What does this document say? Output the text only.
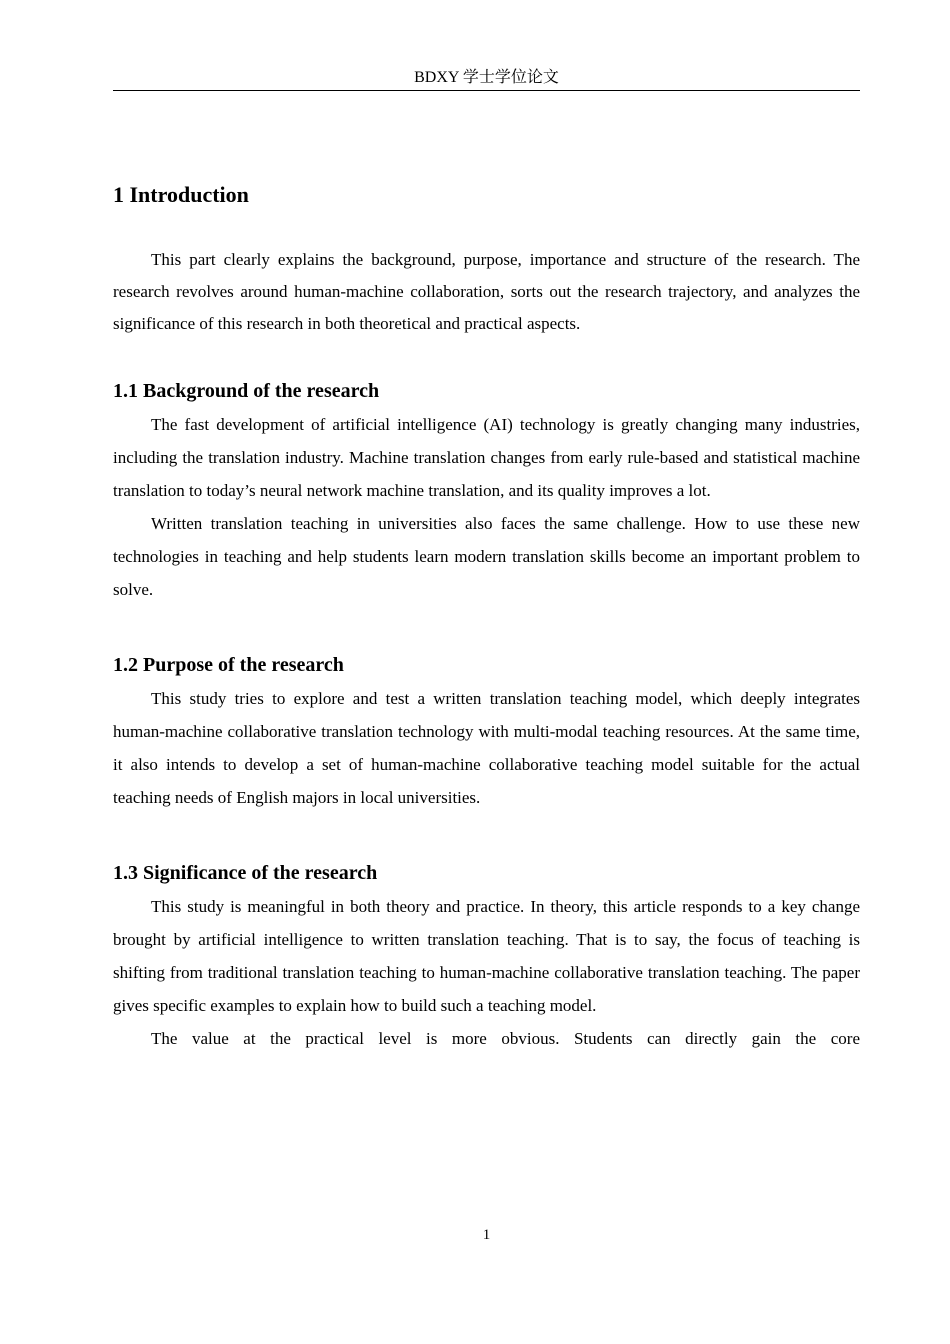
BDXY 学士学位论文
1 Introduction

This part clearly explains the background, purpose, importance and structure of the research. The research revolves around human-machine collaboration, sorts out the research trajectory, and analyzes the significance of this research in both theoretical and practical aspects.

1.1 Background of the research

The fast development of artificial intelligence (AI) technology is greatly changing many industries, including the translation industry. Machine translation changes from early rule-based and statistical machine translation to today’s neural network machine translation, and its quality improves a lot.

Written translation teaching in universities also faces the same challenge. How to use these new technologies in teaching and help students learn modern translation skills become an important problem to solve.

1.2 Purpose of the research

This study tries to explore and test a written translation teaching model, which deeply integrates human-machine collaborative translation technology with multi-modal teaching resources. At the same time, it also intends to develop a set of human-machine collaborative teaching model suitable for the actual teaching needs of English majors in local universities.

1.3 Significance of the research

This study is meaningful in both theory and practice. In theory, this article responds to a key change brought by artificial intelligence to written translation teaching. That is to say, the focus of teaching is shifting from traditional translation teaching to human-machine collaborative translation teaching. The paper gives specific examples to explain how to build such a teaching model.

The value at the practical level is more obvious. Students can directly gain the core

1
